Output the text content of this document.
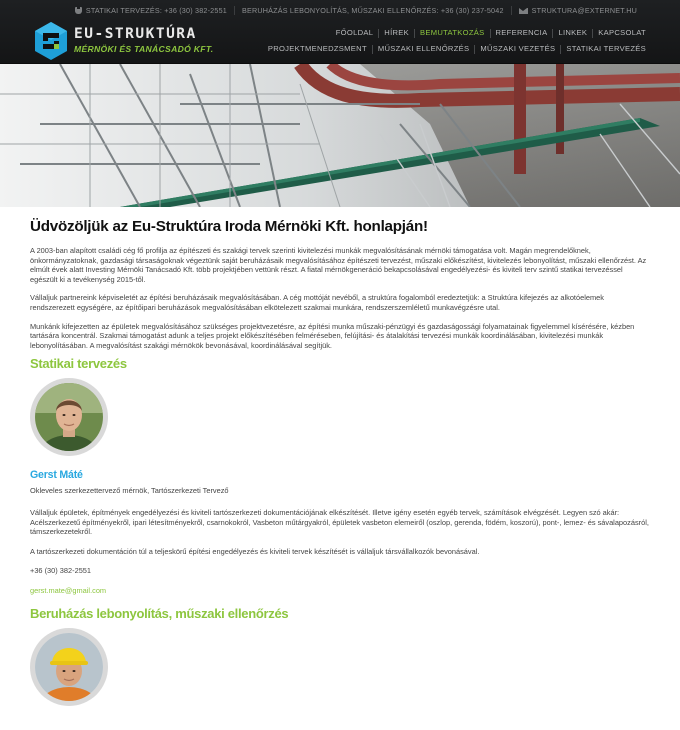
STATIKAI TERVEZÉS: +36 (30) 382-2551 BERUHÁZÁS LEBONYOLÍTÁS, MŰSZAKI ELLENŐRZÉS: +36 (30) 237-5042	STRUKTURA@EXTERNET.HU
EU-STRUKTÚRA
MÉRNÖKI ÉS TANÁCSADÓ KFT.
FŐOLDAL	HÍREK	BEMUTATKOZÁS	REFERENCIA	LINKEK	KAPCSOLAT
PROJEKTMENEDZSMENT	MŰSZAKI ELLENŐRZÉS	MŰSZAKI VEZETÉS	STATIKAI TERVEZÉS
Üdvözöljük az Eu-Struktúra Iroda Mérnöki Kft. honlapján!

A 2003-ban alapított családi cég fő profilja az építészeti és szakági tervek szerinti kivitelezési munkák megvalósításának mérnöki támogatása volt. Magán megrendelőknek, önkormányzatoknak, gazdasági társaságoknak végeztünk saját beruházásaik megvalósításához építészeti tervezést, műszaki előkészítést, kivitelezés lebonyolítást, műszaki ellenőrzést. Az elmúlt évek alatt Investing Mérnöki Tanácsadó Kft. több projektjében vettünk részt. A fiatal mérnökgeneráció bekapcsolásával engedélyezési- és kiviteli terv szintű statikai tervezéssel egészült ki a tevékenység 2015-től.

Vállaljuk partnereink képviseletét az építési beruházásaik megvalósításában. A cég mottóját nevéből, a struktúra fogalomból eredeztetjük: a Struktúra kifejezés az alkotóelemek rendszerezett egységére, az építőipari beruházások megvalósításában elkötelezett szakmai munkára, rendszerszemléletű munkavégzésre utal.

Munkánk kifejezetten az épületek megvalósításához szükséges projektvezetésre, az építési munka műszaki-pénzügyi és gazdaságossági folyamatainak figyelemmel kísérésére, kézben tartására koncentrál. Szakmai támogatást adunk a teljes projekt előkészítésében felméréseben, felújítási- és átalakítási tervezési munkák koordinálásában, kivitelezési munkák lebonyolításában. A megvalósítást szakági mérnökök bevonásával, koordinálásával segítjük.

Statikai tervezés
Gerst Máté

Okleveles szerkezettervező mérnök, Tartószerkezeti Tervező

Vállaljuk épületek, építmények engedélyezési és kiviteli tartószerkezeti dokumentációjának elkészítését. Illetve igény esetén egyéb tervek, számítások elvégzését. Legyen szó akár: Acélszerkezetű építményekről, ipari létesítményekről, csarnokokról, Vasbeton műtárgyakról, épületek vasbeton elemeiről (oszlop, gerenda, födém, koszorú), pont-, lemez- és sávalapozásról, támszerkezetekről.

A tartószerkezeti dokumentáción túl a teljeskörű építési engedélyezés és kiviteli tervek készítését is vállaljuk társvállalkozók bevonásával.

+36 (30) 382-2551

gerst.mate@gmail.com

Beruházás lebonyolítás, műszaki ellenőrzés
